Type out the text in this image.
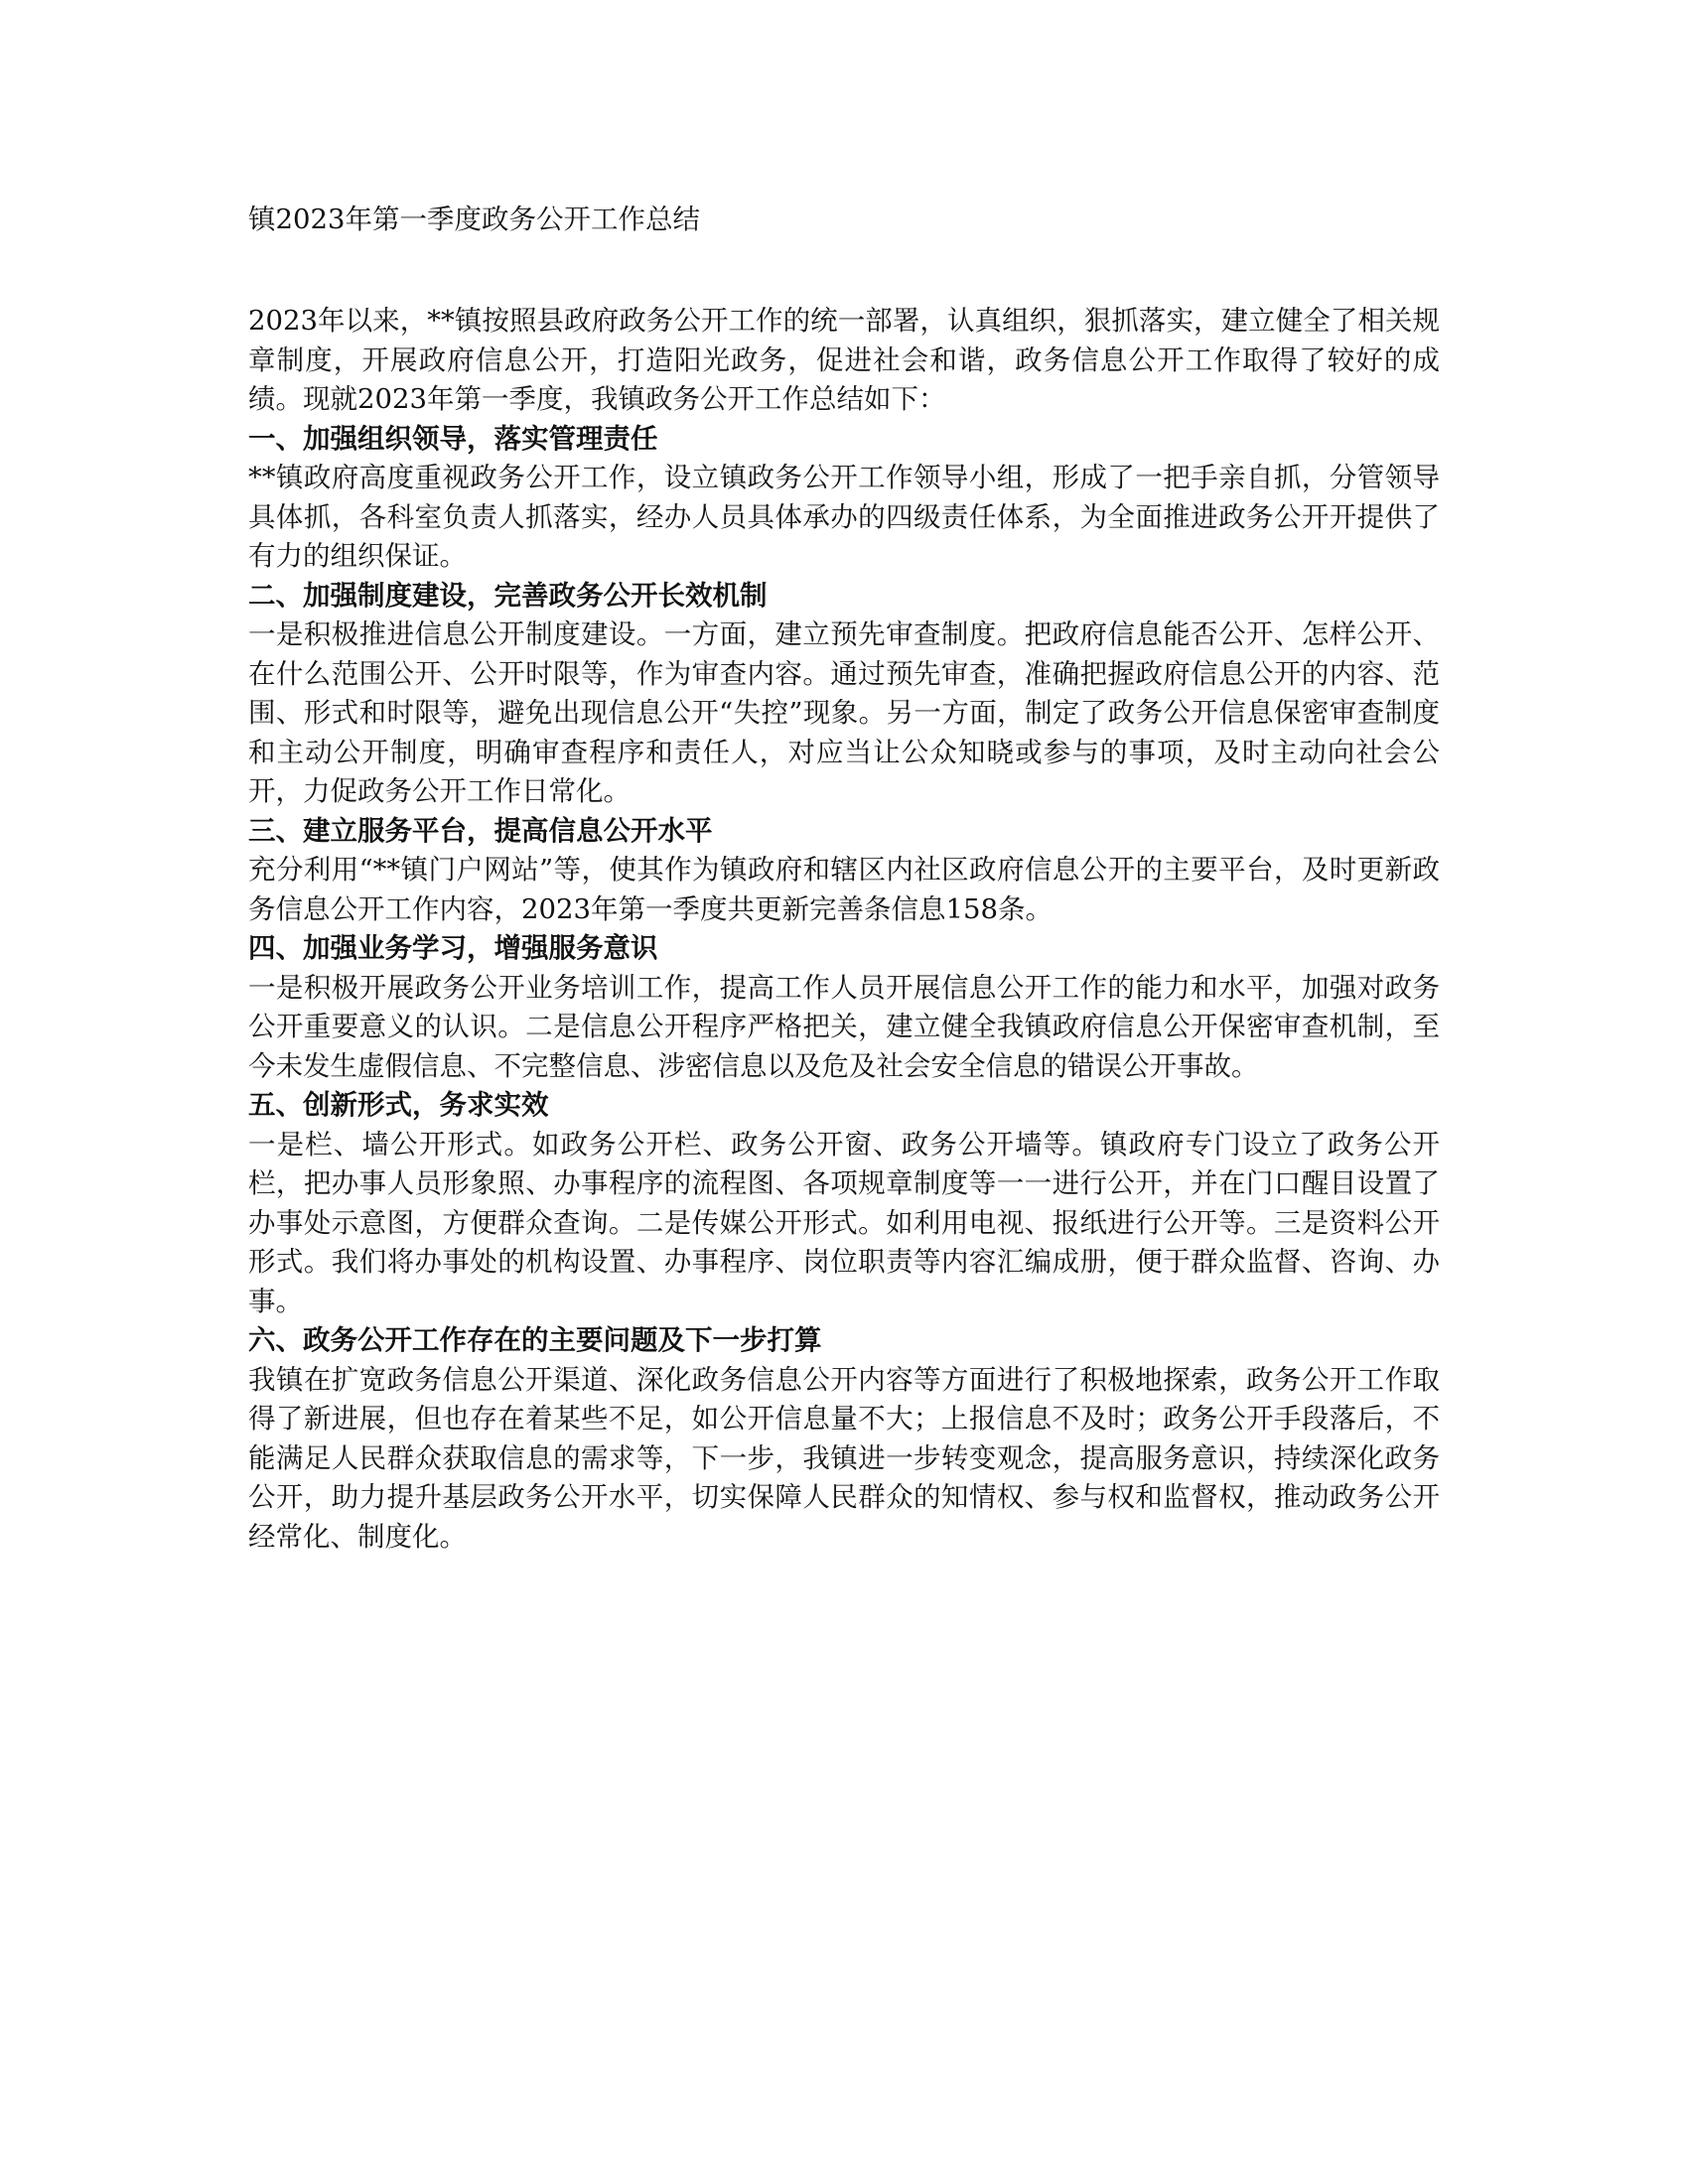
镇2023年第一季度政务公开工作总结

2023年以来，**镇按照县政府政务公开工作的统一部署，认真组织，狠抓落实，建立健全了相关规章制度，开展政府信息公开，打造阳光政务，促进社会和谐，政务信息公开工作取得了较好的成绩。现就2023年第一季度，我镇政务公开工作总结如下：

一、加强组织领导，落实管理责任

**镇政府高度重视政务公开工作，设立镇政务公开工作领导小组，形成了一把手亲自抓，分管领导具体抓，各科室负责人抓落实，经办人员具体承办的四级责任体系，为全面推进政务公开开提供了有力的组织保证。

二、加强制度建设，完善政务公开长效机制

一是积极推进信息公开制度建设。一方面，建立预先审查制度。把政府信息能否公开、怎样公开、在什么范围公开、公开时限等，作为审查内容。通过预先审查，准确把握政府信息公开的内容、范围、形式和时限等，避免出现信息公开“失控”现象。另一方面，制定了政务公开信息保密审查制度和主动公开制度，明确审查程序和责任人，对应当让公众知晓或参与的事项，及时主动向社会公开，力促政务公开工作日常化。

三、建立服务平台，提高信息公开水平

充分利用“**镇门户网站”等，使其作为镇政府和辖区内社区政府信息公开的主要平台，及时更新政务信息公开工作内容，2023年第一季度共更新完善条信息158条。

四、加强业务学习，增强服务意识

一是积极开展政务公开业务培训工作，提高工作人员开展信息公开工作的能力和水平，加强对政务公开重要意义的认识。二是信息公开程序严格把关，建立健全我镇政府信息公开保密审查机制，至今未发生虚假信息、不完整信息、涉密信息以及危及社会安全信息的错误公开事故。

五、创新形式，务求实效

一是栏、墙公开形式。如政务公开栏、政务公开窗、政务公开墙等。镇政府专门设立了政务公开栏，把办事人员形象照、办事程序的流程图、各项规章制度等一一进行公开，并在门口醒目设置了办事处示意图，方便群众查询。二是传媒公开形式。如利用电视、报纸进行公开等。三是资料公开形式。我们将办事处的机构设置、办事程序、岗位职责等内容汇编成册，便于群众监督、咨询、办事。

六、政务公开工作存在的主要问题及下一步打算

我镇在扩宽政务信息公开渠道、深化政务信息公开内容等方面进行了积极地探索，政务公开工作取得了新进展，但也存在着某些不足，如公开信息量不大；上报信息不及时；政务公开手段落后，不能满足人民群众获取信息的需求等，下一步，我镇进一步转变观念，提高服务意识，持续深化政务公开，助力提升基层政务公开水平，切实保障人民群众的知情权、参与权和监督权，推动政务公开经常化、制度化。
